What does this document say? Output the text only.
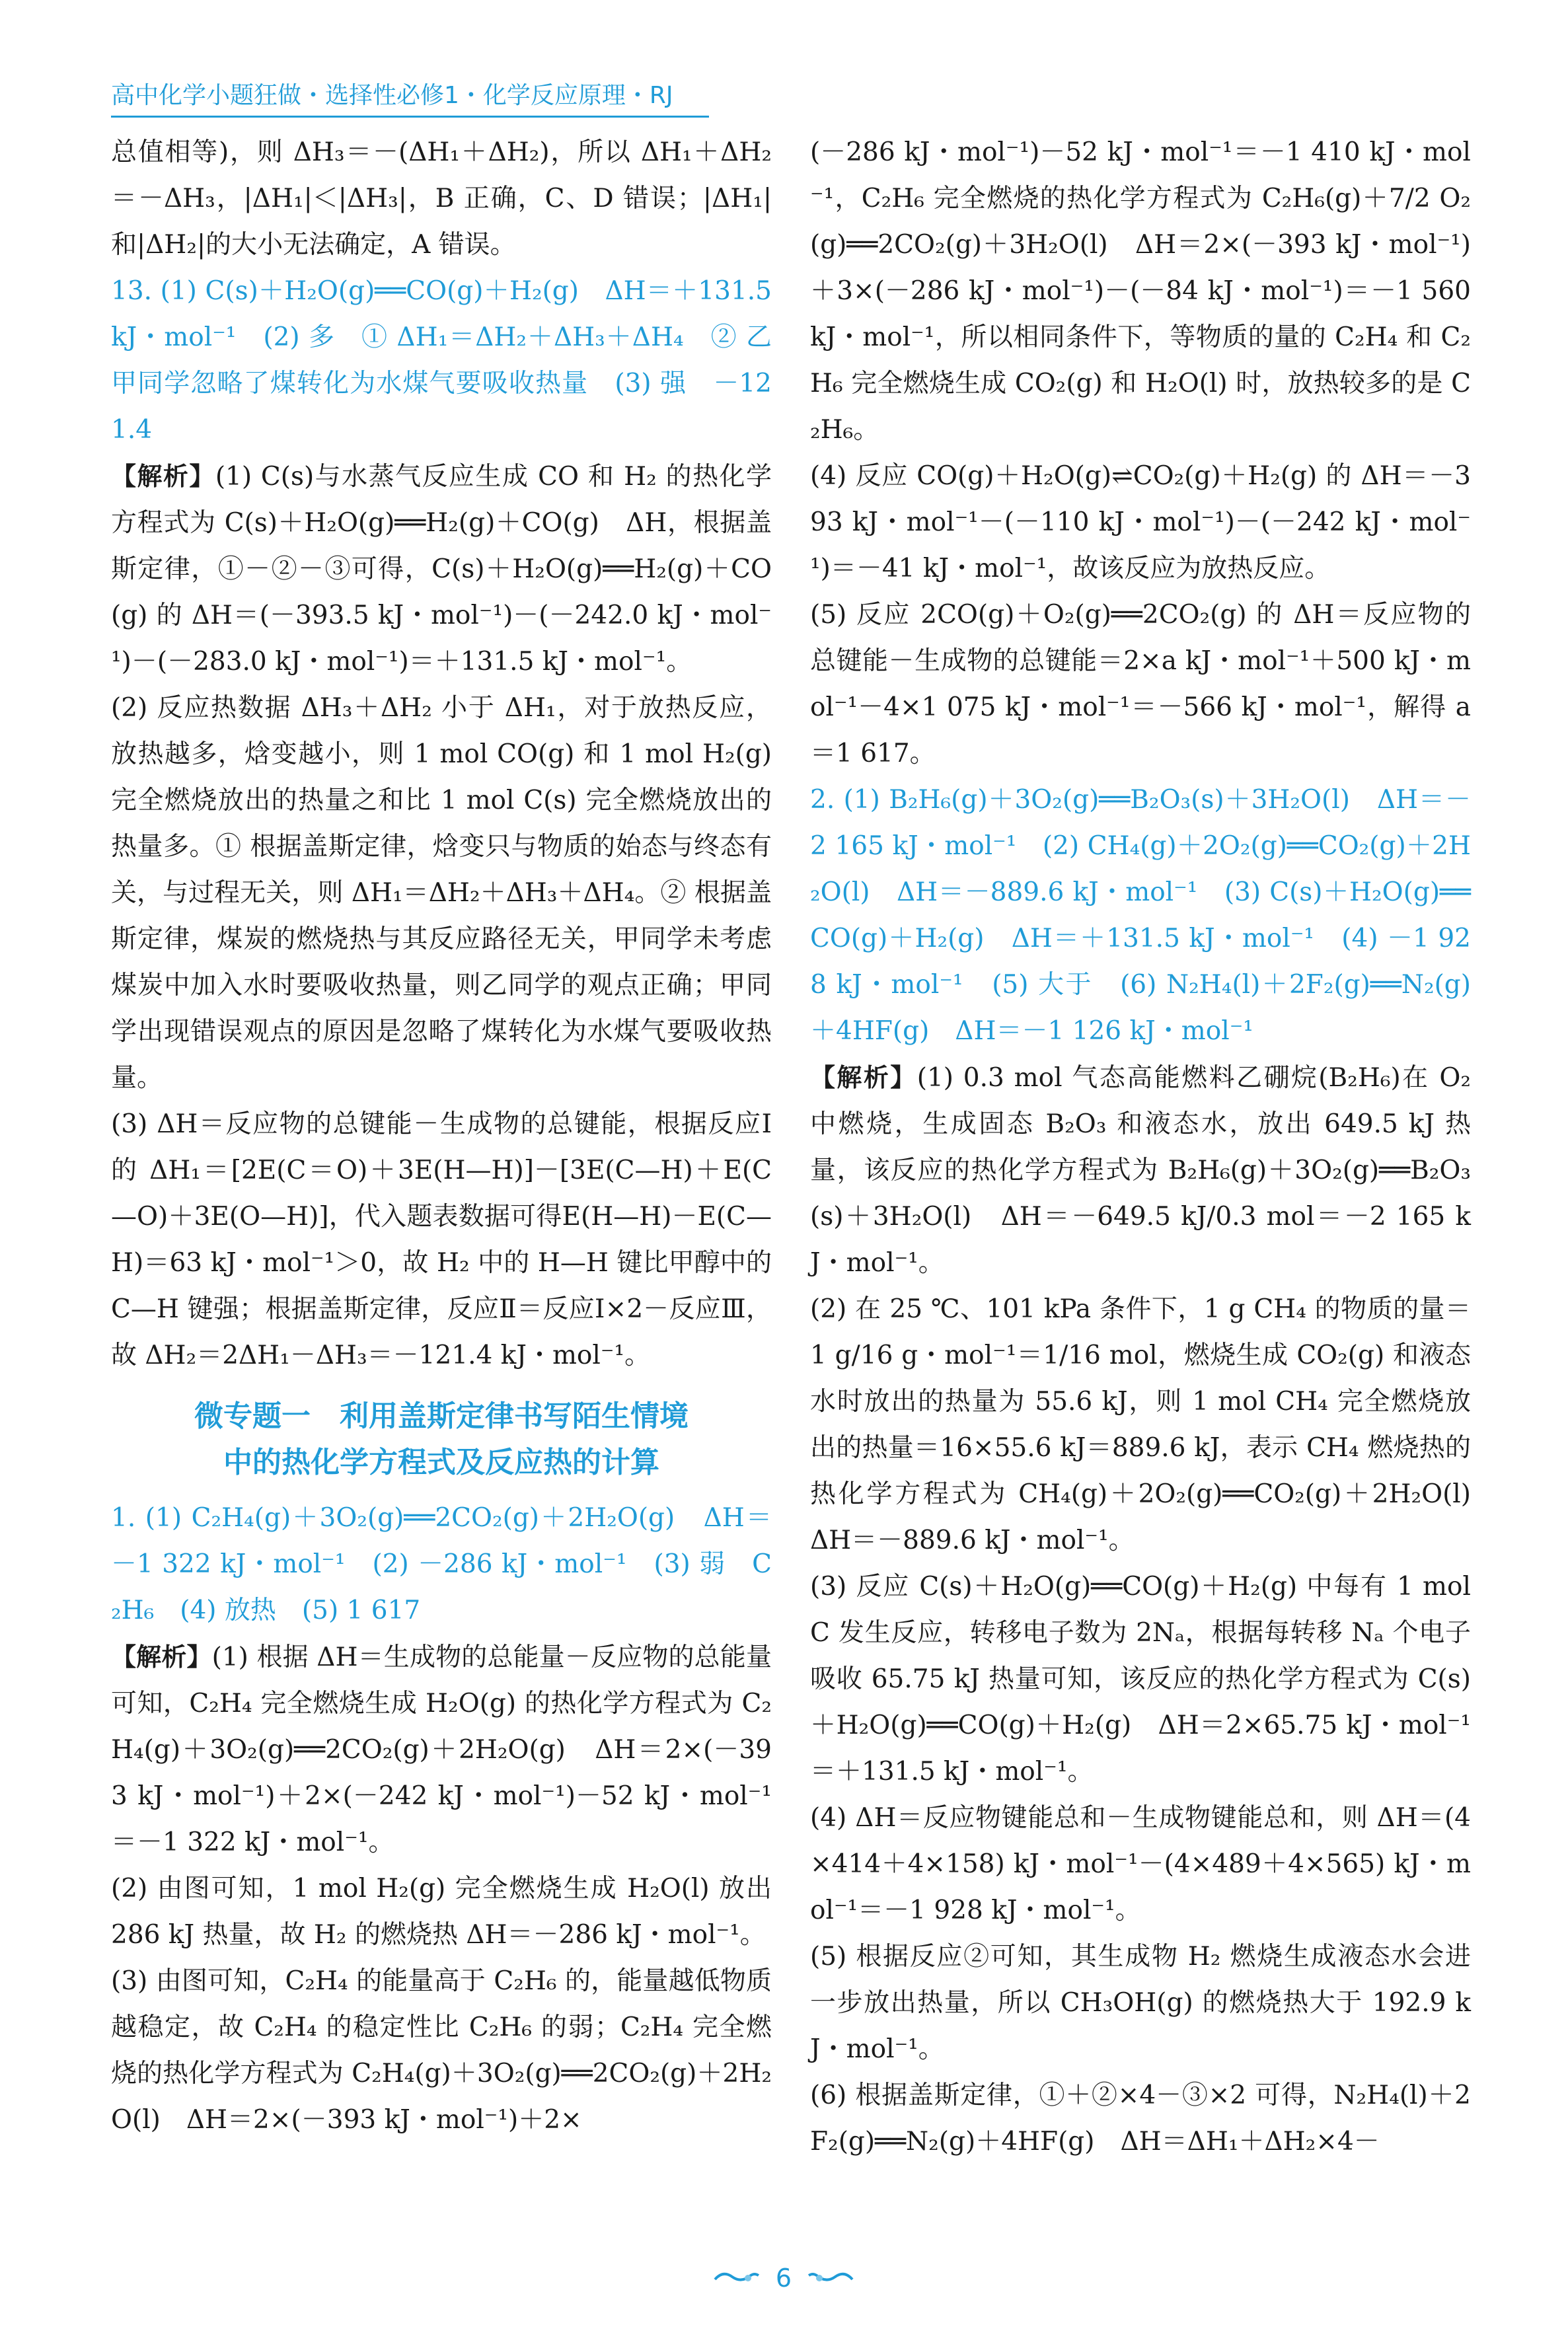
高中化学小题狂做・选择性必修1・化学反应原理・RJ

总值相等)，则 ΔH₃＝－(ΔH₁＋ΔH₂)，所以 ΔH₁＋ΔH₂＝－ΔH₃，|ΔH₁|＜|ΔH₃|，B 正确，C、D 错误；|ΔH₁|和|ΔH₂|的大小无法确定，A 错误。

13. (1) C(s)＋H₂O(g)══CO(g)＋H₂(g)　ΔH＝＋131.5 kJ・mol⁻¹　(2) 多　① ΔH₁＝ΔH₂＋ΔH₃＋ΔH₄　② 乙　甲同学忽略了煤转化为水煤气要吸收热量　(3) 强　－121.4

【解析】(1) C(s)与水蒸气反应生成 CO 和 H₂ 的热化学方程式为 C(s)＋H₂O(g)══H₂(g)＋CO(g)　ΔH，根据盖斯定律，①－②－③可得，C(s)＋H₂O(g)══H₂(g)＋CO(g) 的 ΔH＝(－393.5 kJ・mol⁻¹)－(－242.0 kJ・mol⁻¹)－(－283.0 kJ・mol⁻¹)＝＋131.5 kJ・mol⁻¹。

(2) 反应热数据 ΔH₃＋ΔH₂ 小于 ΔH₁，对于放热反应，放热越多，焓变越小，则 1 mol CO(g) 和 1 mol H₂(g) 完全燃烧放出的热量之和比 1 mol C(s) 完全燃烧放出的热量多。① 根据盖斯定律，焓变只与物质的始态与终态有关，与过程无关，则 ΔH₁＝ΔH₂＋ΔH₃＋ΔH₄。② 根据盖斯定律，煤炭的燃烧热与其反应路径无关，甲同学未考虑煤炭中加入水时要吸收热量，则乙同学的观点正确；甲同学出现错误观点的原因是忽略了煤转化为水煤气要吸收热量。

(3) ΔH＝反应物的总键能－生成物的总键能，根据反应Ⅰ的 ΔH₁＝[2E(C＝O)＋3E(H—H)]－[3E(C—H)＋E(C—O)＋3E(O—H)]，代入题表数据可得E(H—H)－E(C—H)＝63 kJ・mol⁻¹＞0，故 H₂ 中的 H—H 键比甲醇中的 C—H 键强；根据盖斯定律，反应Ⅱ＝反应Ⅰ×2－反应Ⅲ，故 ΔH₂＝2ΔH₁－ΔH₃＝－121.4 kJ・mol⁻¹。

微专题一　利用盖斯定律书写陌生情境
中的热化学方程式及反应热的计算

1. (1) C₂H₄(g)＋3O₂(g)══2CO₂(g)＋2H₂O(g)　ΔH＝－1 322 kJ・mol⁻¹　(2) －286 kJ・mol⁻¹　(3) 弱　C₂H₆　(4) 放热　(5) 1 617

【解析】(1) 根据 ΔH＝生成物的总能量－反应物的总能量可知，C₂H₄ 完全燃烧生成 H₂O(g) 的热化学方程式为 C₂H₄(g)＋3O₂(g)══2CO₂(g)＋2H₂O(g)　ΔH＝2×(－393 kJ・mol⁻¹)＋2×(－242 kJ・mol⁻¹)－52 kJ・mol⁻¹＝－1 322 kJ・mol⁻¹。

(2) 由图可知，1 mol H₂(g) 完全燃烧生成 H₂O(l) 放出 286 kJ 热量，故 H₂ 的燃烧热 ΔH＝－286 kJ・mol⁻¹。

(3) 由图可知，C₂H₄ 的能量高于 C₂H₆ 的，能量越低物质越稳定，故 C₂H₄ 的稳定性比 C₂H₆ 的弱；C₂H₄ 完全燃烧的热化学方程式为 C₂H₄(g)＋3O₂(g)══2CO₂(g)＋2H₂O(l)　ΔH＝2×(－393 kJ・mol⁻¹)＋2×

(－286 kJ・mol⁻¹)－52 kJ・mol⁻¹＝－1 410 kJ・mol⁻¹，C₂H₆ 完全燃烧的热化学方程式为 C₂H₆(g)＋7/2 O₂(g)══2CO₂(g)＋3H₂O(l)　ΔH＝2×(－393 kJ・mol⁻¹)＋3×(－286 kJ・mol⁻¹)－(－84 kJ・mol⁻¹)＝－1 560 kJ・mol⁻¹，所以相同条件下，等物质的量的 C₂H₄ 和 C₂H₆ 完全燃烧生成 CO₂(g) 和 H₂O(l) 时，放热较多的是 C₂H₆。

(4) 反应 CO(g)＋H₂O(g)⇌CO₂(g)＋H₂(g) 的 ΔH＝－393 kJ・mol⁻¹－(－110 kJ・mol⁻¹)－(－242 kJ・mol⁻¹)＝－41 kJ・mol⁻¹，故该反应为放热反应。

(5) 反应 2CO(g)＋O₂(g)══2CO₂(g) 的 ΔH＝反应物的总键能－生成物的总键能＝2×a kJ・mol⁻¹＋500 kJ・mol⁻¹－4×1 075 kJ・mol⁻¹＝－566 kJ・mol⁻¹，解得 a＝1 617。

2. (1) B₂H₆(g)＋3O₂(g)══B₂O₃(s)＋3H₂O(l)　ΔH＝－2 165 kJ・mol⁻¹　(2) CH₄(g)＋2O₂(g)══CO₂(g)＋2H₂O(l)　ΔH＝－889.6 kJ・mol⁻¹　(3) C(s)＋H₂O(g)══CO(g)＋H₂(g)　ΔH＝＋131.5 kJ・mol⁻¹　(4) －1 928 kJ・mol⁻¹　(5) 大于　(6) N₂H₄(l)＋2F₂(g)══N₂(g)＋4HF(g)　ΔH＝－1 126 kJ・mol⁻¹

【解析】(1) 0.3 mol 气态高能燃料乙硼烷(B₂H₆)在 O₂ 中燃烧，生成固态 B₂O₃ 和液态水，放出 649.5 kJ 热量，该反应的热化学方程式为 B₂H₆(g)＋3O₂(g)══B₂O₃(s)＋3H₂O(l)　ΔH＝－649.5 kJ/0.3 mol＝－2 165 kJ・mol⁻¹。

(2) 在 25 ℃、101 kPa 条件下，1 g CH₄ 的物质的量＝1 g/16 g・mol⁻¹＝1/16 mol，燃烧生成 CO₂(g) 和液态水时放出的热量为 55.6 kJ，则 1 mol CH₄ 完全燃烧放出的热量＝16×55.6 kJ＝889.6 kJ，表示 CH₄ 燃烧热的热化学方程式为 CH₄(g)＋2O₂(g)══CO₂(g)＋2H₂O(l)　ΔH＝－889.6 kJ・mol⁻¹。

(3) 反应 C(s)＋H₂O(g)══CO(g)＋H₂(g) 中每有 1 mol C 发生反应，转移电子数为 2Nₐ，根据每转移 Nₐ 个电子吸收 65.75 kJ 热量可知，该反应的热化学方程式为 C(s)＋H₂O(g)══CO(g)＋H₂(g)　ΔH＝2×65.75 kJ・mol⁻¹＝＋131.5 kJ・mol⁻¹。

(4) ΔH＝反应物键能总和－生成物键能总和，则 ΔH＝(4×414＋4×158) kJ・mol⁻¹－(4×489＋4×565) kJ・mol⁻¹＝－1 928 kJ・mol⁻¹。

(5) 根据反应②可知，其生成物 H₂ 燃烧生成液态水会进一步放出热量，所以 CH₃OH(g) 的燃烧热大于 192.9 kJ・mol⁻¹。

(6) 根据盖斯定律，①＋②×4－③×2 可得，N₂H₄(l)＋2F₂(g)══N₂(g)＋4HF(g)　ΔH＝ΔH₁＋ΔH₂×4－

6
